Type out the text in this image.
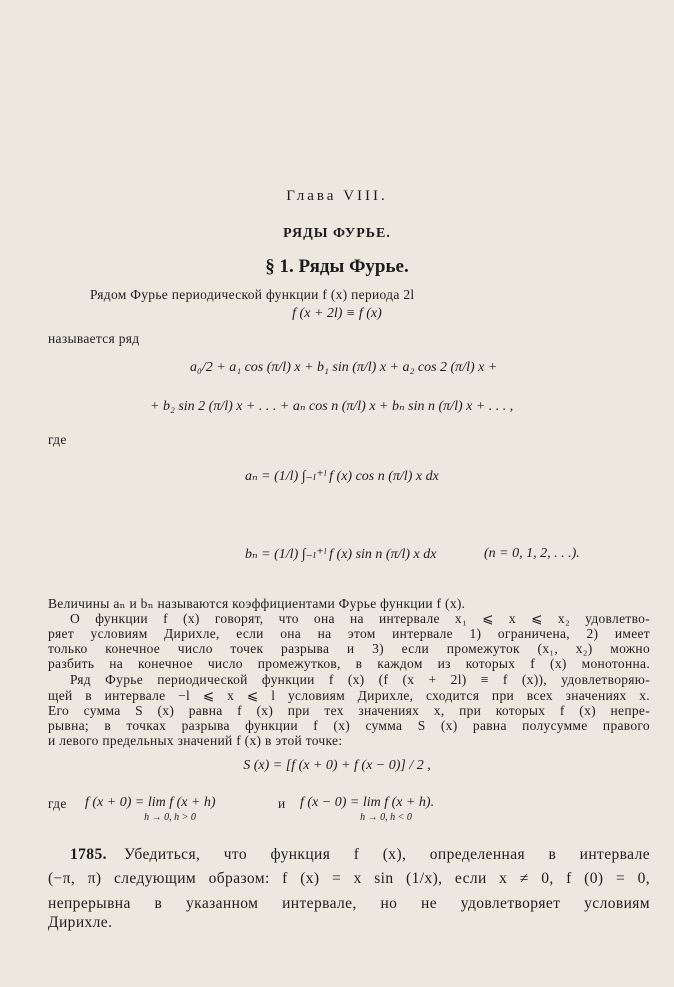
Глава VIII.
РЯДЫ ФУРЬЕ.
§ 1. Ряды Фурье.
Рядом Фурье периодической функции f (x) периода 2l
f (x + 2l) ≡ f (x)
называется ряд
a₀/2 + a₁ cos (π/l) x + b₁ sin (π/l) x + a₂ cos 2 (π/l) x +
+ b₂ sin 2 (π/l) x + . . . + aₙ cos n (π/l) x + bₙ sin n (π/l) x + . . . ,
где
aₙ = (1/l) ∫₋ₗ⁺ˡ f (x) cos n (π/l) x dx
bₙ = (1/l) ∫₋ₗ⁺ˡ f (x) sin n (π/l) x dx	(n = 0, 1, 2, . . .).
Величины aₙ и bₙ называются коэффициентами Фурье функции f (x).
О функции f (x) говорят, что она на интервале x₁ ⩽ x ⩽ x₂ удовлетво-
ряет условиям Дирихле, если она на этом интервале 1) ограничена, 2) имеет
только конечное число точек разрыва и 3) если промежуток (x₁, x₂) можно
разбить на конечное число промежутков, в каждом из которых f (x) монотонна.
Ряд Фурье периодической функции f (x) (f (x + 2l) ≡ f (x)), удовлетворяю-
щей в интервале −l ⩽ x ⩽ l условиям Дирихле, сходится при всех значениях x.
Его сумма S (x) равна f (x) при тех значениях x, при которых f (x) непре-
рывна; в точках разрыва функции f (x) сумма S (x) равна полусумме правого
и левого предельных значений f (x) в этой точке:
S (x) = [f (x + 0) + f (x − 0)] / 2 ,
где f (x + 0) = lim f (x + h)
h → 0, h > 0
и f (x − 0) = lim f (x + h).
h → 0, h < 0
1785. Убедиться, что функция f (x), определенная в интервале
(−π, π) следующим образом: f (x) = x sin (1/x), если x ≠ 0, f (0) = 0,
непрерывна в указанном интервале, но не удовлетворяет условиям
Дирихле.
